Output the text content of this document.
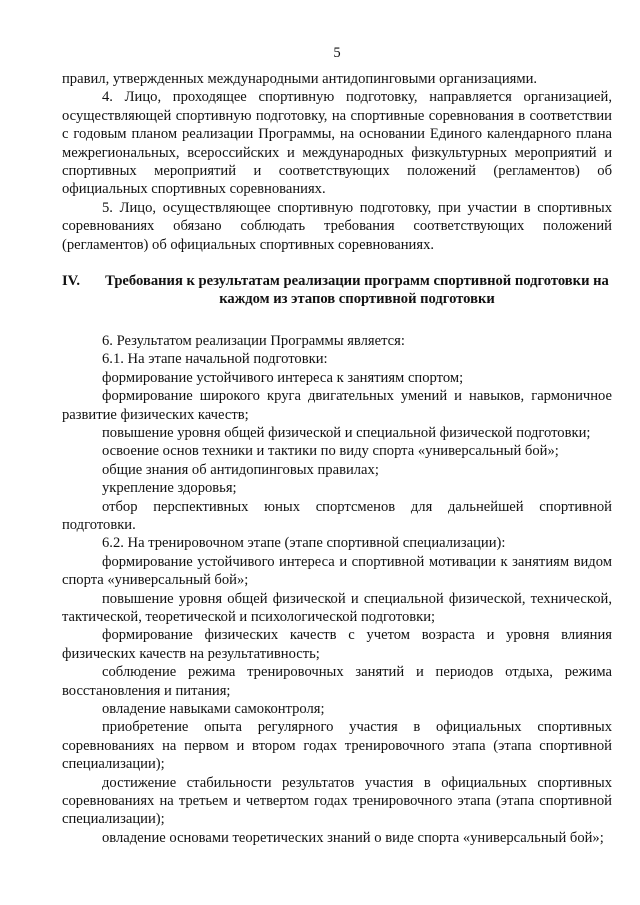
5

правил, утвержденных международными антидопинговыми организациями.

4. Лицо, проходящее спортивную подготовку, направляется организацией, осуществляющей спортивную подготовку, на спортивные соревнования в соответствии с годовым планом реализации Программы, на основании Единого календарного плана межрегиональных, всероссийских и международных физкультурных мероприятий и спортивных мероприятий и соответствующих положений (регламентов) об официальных спортивных соревнованиях.

5. Лицо, осуществляющее спортивную подготовку, при участии в спортивных соревнованиях обязано соблюдать требования соответствующих положений (регламентов) об официальных спортивных соревнованиях.

IV. Требования к результатам реализации программ спортивной подготовки на каждом из этапов спортивной подготовки

6. Результатом реализации Программы является:

6.1. На этапе начальной подготовки:

формирование устойчивого интереса к занятиям спортом;

формирование широкого круга двигательных умений и навыков, гармоничное развитие физических качеств;

повышение уровня общей физической и специальной физической подготовки;

освоение основ техники и тактики по виду спорта «универсальный бой»;

общие знания об антидопинговых правилах;

укрепление здоровья;

отбор перспективных юных спортсменов для дальнейшей спортивной подготовки.

6.2. На тренировочном этапе (этапе спортивной специализации):

формирование устойчивого интереса и спортивной мотивации к занятиям видом спорта «универсальный бой»;

повышение уровня общей физической и специальной физической, технической, тактической, теоретической и психологической подготовки;

формирование физических качеств с учетом возраста и уровня влияния физических качеств на результативность;

соблюдение режима тренировочных занятий и периодов отдыха, режима восстановления и питания;

овладение навыками самоконтроля;

приобретение опыта регулярного участия в официальных спортивных соревнованиях на первом и втором годах тренировочного этапа (этапа спортивной специализации);

достижение стабильности результатов участия в официальных спортивных соревнованиях на третьем и четвертом годах тренировочного этапа (этапа спортивной специализации);

овладение основами теоретических знаний о виде спорта «универсальный бой»;
